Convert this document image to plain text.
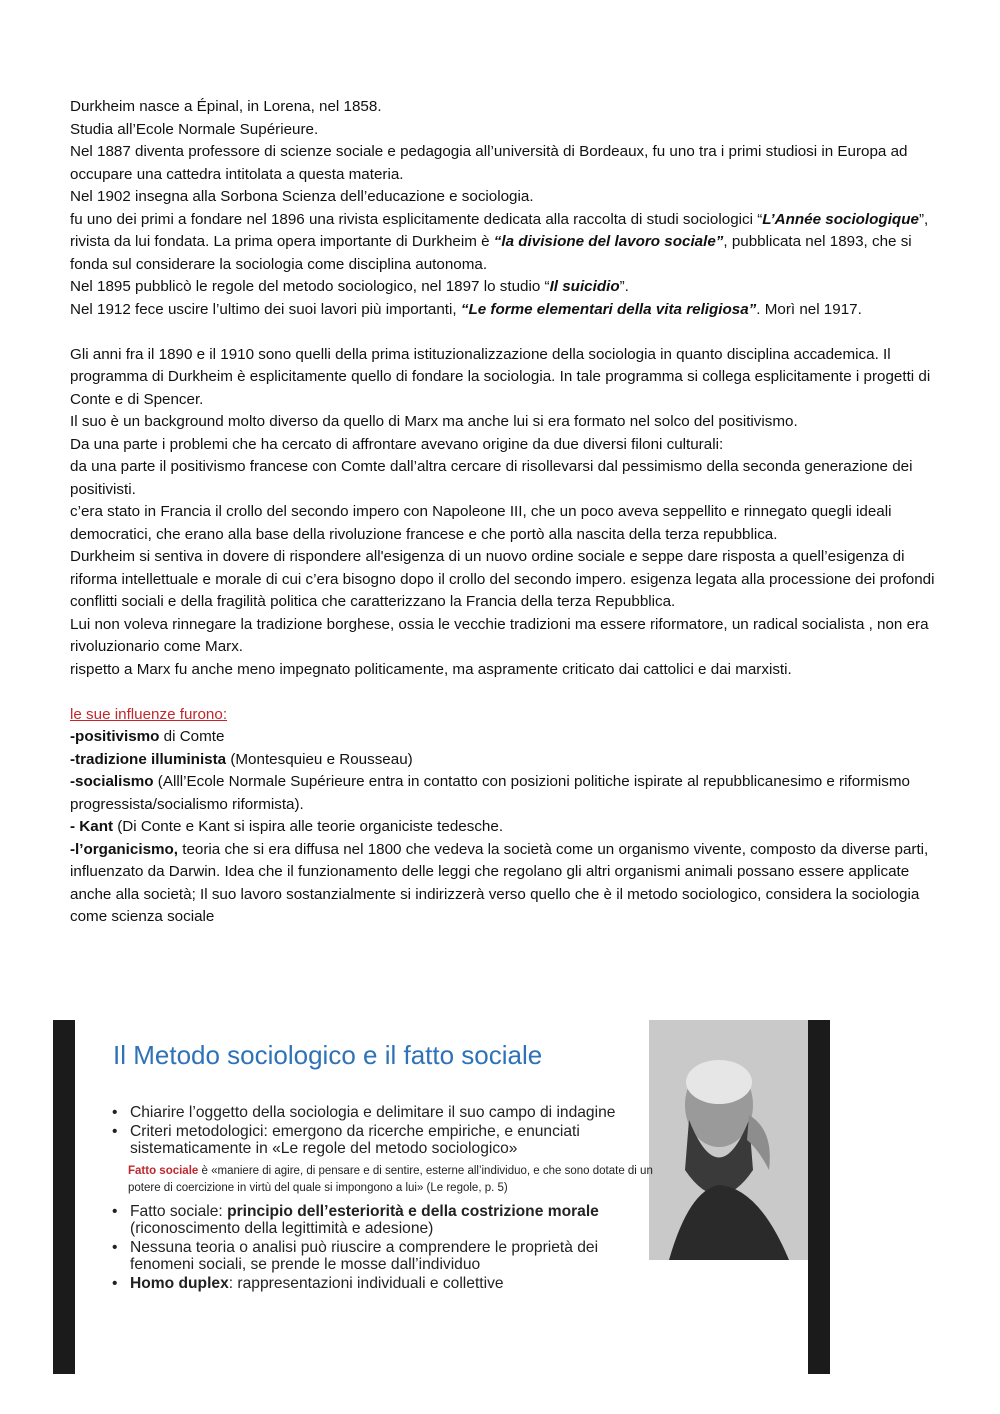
Durkheim nasce a Épinal, in Lorena, nel 1858.

Studia all’Ecole Normale Supérieure.

Nel 1887 diventa professore di scienze sociale e pedagogia all’università di Bordeaux, fu uno tra i primi studiosi in Europa ad occupare una cattedra intitolata a questa materia.

Nel 1902 insegna alla Sorbona Scienza dell’educazione e sociologia.

fu uno dei primi a fondare nel 1896 una rivista esplicitamente dedicata alla raccolta di studi sociologici “L’Année sociologique”, rivista da lui fondata. La prima opera importante di Durkheim è “la divisione del lavoro sociale”, pubblicata nel 1893, che si fonda sul considerare la sociologia come disciplina autonoma.

Nel 1895 pubblicò le regole del metodo sociologico, nel 1897 lo studio “Il suicidio”.

Nel 1912 fece uscire l’ultimo dei suoi lavori più importanti, “Le forme elementari della vita religiosa”. Morì nel 1917.

Gli anni fra il 1890 e il 1910 sono quelli della prima istituzionalizzazione della sociologia in quanto disciplina accademica. Il programma di Durkheim è esplicitamente quello di fondare la sociologia. In tale programma si collega esplicitamente i progetti di Conte e di Spencer.

Il suo è un background molto diverso da quello di Marx ma anche lui si era formato nel solco del positivismo.

Da una parte i problemi che ha cercato di affrontare avevano origine da due diversi filoni culturali:

da una parte il positivismo francese con Comte dall’altra cercare di risollevarsi dal pessimismo della seconda generazione dei positivisti.

c’era stato in Francia il crollo del secondo impero con Napoleone III, che un poco aveva seppellito e rinnegato quegli ideali democratici, che erano alla base della rivoluzione francese e che portò alla nascita della terza repubblica.

Durkheim si sentiva in dovere di rispondere all'esigenza di un nuovo ordine sociale e seppe dare risposta a quell’esigenza di riforma intellettuale e morale di cui c’era bisogno dopo il crollo del secondo impero. esigenza legata alla processione dei profondi conflitti sociali e della fragilità politica che caratterizzano la Francia della terza Repubblica.

Lui non voleva rinnegare la tradizione borghese, ossia le vecchie tradizioni ma essere riformatore, un radical socialista , non era rivoluzionario come Marx.

rispetto a Marx fu anche meno impegnato politicamente, ma aspramente criticato dai cattolici e dai marxisti.

le sue influenze furono:

-positivismo di Comte

-tradizione illuminista (Montesquieu e Rousseau)

-socialismo (Alll’Ecole Normale Supérieure entra in contatto con posizioni politiche ispirate al repubblicanesimo e riformismo progressista/socialismo riformista).

- Kant (Di Conte e Kant si ispira alle teorie organiciste tedesche.

-l’organicismo, teoria che si era diffusa nel 1800 che vedeva la società come un organismo vivente, composto da diverse parti, influenzato da Darwin. Idea che il funzionamento delle leggi che regolano gli altri organismi animali possano essere applicate anche alla società; Il suo lavoro sostanzialmente si indirizzerà verso quello che è il metodo sociologico, considera la sociologia come scienza sociale

Il Metodo sociologico e il fatto sociale
• Chiarire l’oggetto della sociologia e delimitare il suo campo di indagine
• Criteri metodologici: emergono da ricerche empiriche, e enunciati sistematicamente in «Le regole del metodo sociologico»
Fatto sociale è «maniere di agire, di pensare e di sentire, esterne all’individuo, e che sono dotate di un potere di coercizione in virtù del quale si impongono a lui» (Le regole, p. 5)
• Fatto sociale: principio dell’esteriorità e della costrizione morale (riconoscimento della legittimità e adesione)
• Nessuna teoria o analisi può riuscire a comprendere le proprietà dei fenomeni sociali, se prende le mosse dall’individuo
• Homo duplex: rappresentazioni individuali e collettive
